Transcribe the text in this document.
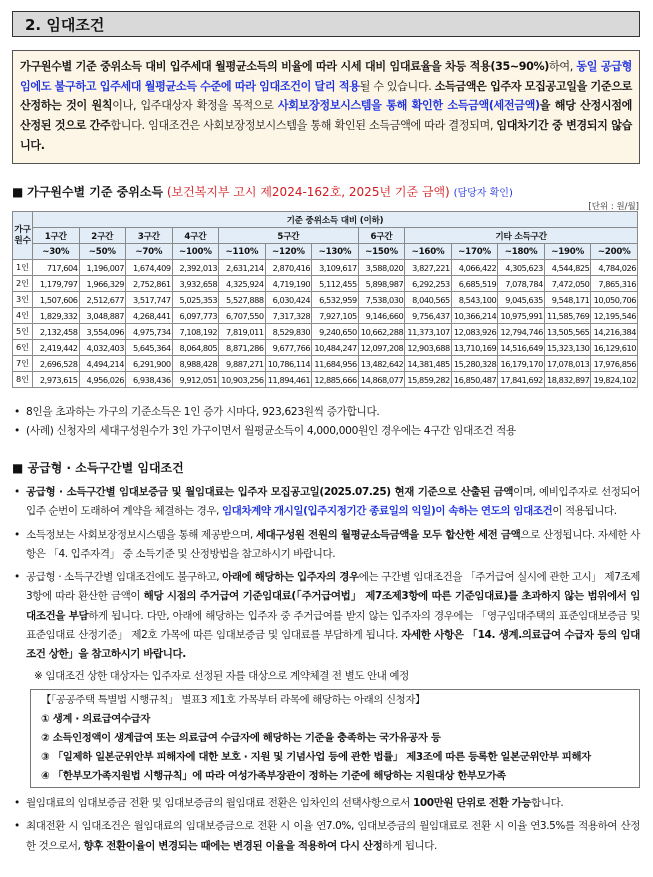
2. 임대조건
가구원수별 기준 중위소득 대비 입주세대 월평균소득의 비율에 따라 시세 대비 임대료율을 차등 적용(35~90%)하여, 동일 공급형 임에도 불구하고 입주세대 월평균소득 수준에 따라 임대조건이 달리 적용될 수 있습니다. 소득금액은 입주자 모집공고일을 기준으로 산정하는 것이 원칙이나, 입주대상자 확정을 목적으로 사회보장정보시스템을 통해 확인한 소득금액(세전금액)을 해당 산정시점에 산정된 것으로 간주합니다. 임대조건은 사회보장정보시스템을 통해 확인된 소득금액에 따라 결정되며, 임대차기간 중 변경되지 않습니다.
■ 가구원수별 기준 중위소득 (보건복지부 고시 제2024-162호, 2025년 기준 금액) (담당자 확인)
[단위 : 원/월]
가구원수	기준 중위소득 대비 (이하)												
	1구간	2구간	3구간	4구간	5구간			6구간	기타 소득구간				
	~30%	~50%	~70%	~100%	~110%	~120%	~130%	~150%	~160%	~170%	~180%	~190%	~200%
1인	717,604	1,196,007	1,674,409	2,392,013	2,631,214	2,870,416	3,109,617	3,588,020	3,827,221	4,066,422	4,305,623	4,544,825	4,784,026
2인	1,179,797	1,966,329	2,752,861	3,932,658	4,325,924	4,719,190	5,112,455	5,898,987	6,292,253	6,685,519	7,078,784	7,472,050	7,865,316
3인	1,507,606	2,512,677	3,517,747	5,025,353	5,527,888	6,030,424	6,532,959	7,538,030	8,040,565	8,543,100	9,045,635	9,548,171	10,050,706
4인	1,829,332	3,048,887	4,268,441	6,097,773	6,707,550	7,317,328	7,927,105	9,146,660	9,756,437	10,366,214	10,975,991	11,585,769	12,195,546
5인	2,132,458	3,554,096	4,975,734	7,108,192	7,819,011	8,529,830	9,240,650	10,662,288	11,373,107	12,083,926	12,794,746	13,505,565	14,216,384
6인	2,419,442	4,032,403	5,645,364	8,064,805	8,871,286	9,677,766	10,484,247	12,097,208	12,903,688	13,710,169	14,516,649	15,323,130	16,129,610
7인	2,696,528	4,494,214	6,291,900	8,988,428	9,887,271	10,786,114	11,684,956	13,482,642	14,381,485	15,280,328	16,179,170	17,078,013	17,976,856
8인	2,973,615	4,956,026	6,938,436	9,912,051	10,903,256	11,894,461	12,885,666	14,868,077	15,859,282	16,850,487	17,841,692	18,832,897	19,824,102
• 8인을 초과하는 가구의 기준소득은 1인 증가 시마다, 923,623원씩 증가합니다.
• (사례) 신청자의 세대구성원수가 3인 가구이면서 월평균소득이 4,000,000원인 경우에는 4구간 임대조건 적용
■ 공급형 · 소득구간별 임대조건
• 공급형 · 소득구간별 임대보증금 및 월임대료는 입주자 모집공고일(2025.07.25) 현재 기준으로 산출된 금액이며, 예비입주자로 선정되어 입주 순번이 도래하여 계약을 체결하는 경우, 임대차계약 개시일(입주지정기간 종료일의 익일)이 속하는 연도의 임대조건이 적용됩니다.
• 소득정보는 사회보장정보시스템을 통해 제공받으며, 세대구성원 전원의 월평균소득금액을 모두 합산한 세전 금액으로 산정됩니다. 자세한 사항은 「4. 입주자격」 중 소득기준 및 산정방법을 참고하시기 바랍니다.
• 공급형 · 소득구간별 임대조건에도 불구하고, 아래에 해당하는 입주자의 경우에는 구간별 임대조건을 「주거급여 실시에 관한 고시」 제7조제3항에 따라 환산한 금액이 해당 시점의 주거급여 기준임대료(「주거급여법」 제7조제3항에 따른 기준임대료)를 초과하지 않는 범위에서 임대조건을 부담하게 됩니다. 다만, 아래에 해당하는 입주자 중 주거급여를 받지 않는 입주자의 경우에는 「영구임대주택의 표준임대보증금 및 표준임대료 산정기준」 제2호 가목에 따른 임대보증금 및 임대료를 부담하게 됩니다. 자세한 사항은 「14. 생계.의료급여 수급자 등의 임대조건 상한」을 참고하시기 바랍니다.
※ 임대조건 상한 대상자는 입주자로 선정된 자를 대상으로 계약체결 전 별도 안내 예정
【「공공주택 특별법 시행규칙」 별표3 제1호 가목부터 라목에 해당하는 아래의 신청자】
① 생계 · 의료급여수급자
② 소득인정액이 생계급여 또는 의료급여 수급자에 해당하는 기준을 충족하는 국가유공자 등
③ 「일제하 일본군위안부 피해자에 대한 보호 · 지원 및 기념사업 등에 관한 법률」 제3조에 따른 등록한 일본군위안부 피해자
④ 「한부모가족지원법 시행규칙」에 따라 여성가족부장관이 정하는 기준에 해당하는 지원대상 한부모가족
• 월임대료의 임대보증금 전환 및 임대보증금의 월임대료 전환은 임차인의 선택사항으로서 100만원 단위로 전환 가능합니다.
• 최대전환 시 임대조건은 월임대료의 임대보증금으로 전환 시 이율 연7.0%, 임대보증금의 월임대료로 전환 시 이율 연3.5%를 적용하여 산정한 것으로서, 향후 전환이율이 변경되는 때에는 변경된 이율을 적용하여 다시 산정하게 됩니다.
